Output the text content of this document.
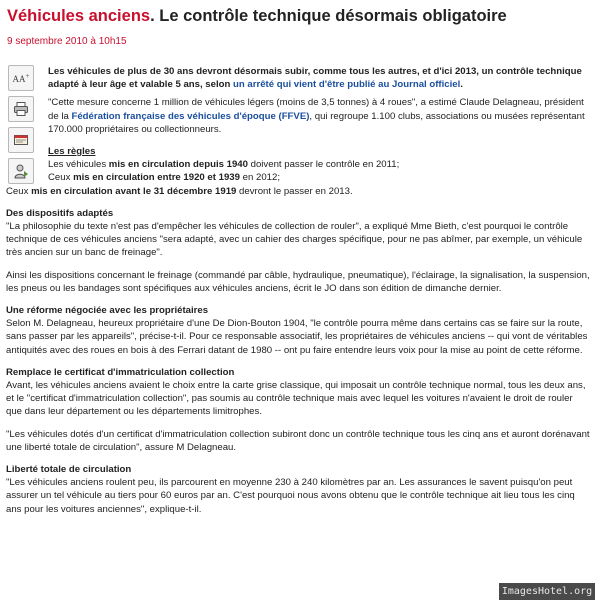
Véhicules anciens. Le contrôle technique désormais obligatoire
9 septembre 2010 à 10h15

Les véhicules de plus de 30 ans devront désormais subir, comme tous les autres, et d'ici 2013, un contrôle technique adapté à leur âge et valable 5 ans, selon un arrêté qui vient d'être publié au Journal officiel.

"Cette mesure concerne 1 million de véhicules légers (moins de 3,5 tonnes) à 4 roues", a estimé Claude Delagneau, président de la Fédération française des véhicules d'époque (FFVE), qui regroupe 1.100 clubs, associations ou musées représentant 170.000 propriétaires ou collectionneurs.

Les règles

Les véhicules mis en circulation depuis 1940 doivent passer le contrôle en 2011;

Ceux mis en circulation entre 1920 et 1939 en 2012;

Ceux mis en circulation avant le 31 décembre 1919 devront le passer en 2013.

Des dispositifs adaptés

"La philosophie du texte n'est pas d'empêcher les véhicules de collection de rouler", a expliqué Mme Bieth, c'est pourquoi le contrôle technique de ces véhicules anciens "sera adapté, avec un cahier des charges spécifique, pour ne pas abîmer, par exemple, un véhicule très ancien sur un banc de freinage".

Ainsi les dispositions concernant le freinage (commandé par câble, hydraulique, pneumatique), l'éclairage, la signalisation, la suspension, les pneus ou les bandages sont spécifiques aux véhicules anciens, écrit le JO dans son édition de dimanche dernier.

Une réforme négociée avec les propriétaires

Selon M. Delagneau, heureux propriétaire d'une De Dion-Bouton 1904, "le contrôle pourra même dans certains cas se faire sur la route, sans passer par les appareils", précise-t-il. Pour ce responsable associatif, les propriétaires de véhicules anciens -- qui vont de véritables antiquités avec des roues en bois à des Ferrari datant de 1980 -- ont pu faire entendre leurs voix pour la mise au point de cette réforme.

Remplace le certificat d'immatriculation collection

Avant, les véhicules anciens avaient le choix entre la carte grise classique, qui imposait un contrôle technique normal, tous les deux ans, et le "certificat d'immatriculation collection", pas soumis au contrôle technique mais avec lequel les voitures n'avaient le droit de rouler que dans leur département ou les départements limitrophes.

"Les véhicules dotés d'un certificat d'immatriculation collection subiront donc un contrôle technique tous les cinq ans et auront dorénavant une liberté totale de circulation", assure M Delagneau.

Liberté totale de circulation

"Les véhicules anciens roulent peu, ils parcourent en moyenne 230 à 240 kilomètres par an. Les assurances le savent puisqu'on peut assurer un tel véhicule au tiers pour 60 euros par an. C'est pourquoi nous avons obtenu que le contrôle technique ait lieu tous les cinq ans pour les voitures anciennes", explique-t-il.

AA+
ImagesHotel.org
